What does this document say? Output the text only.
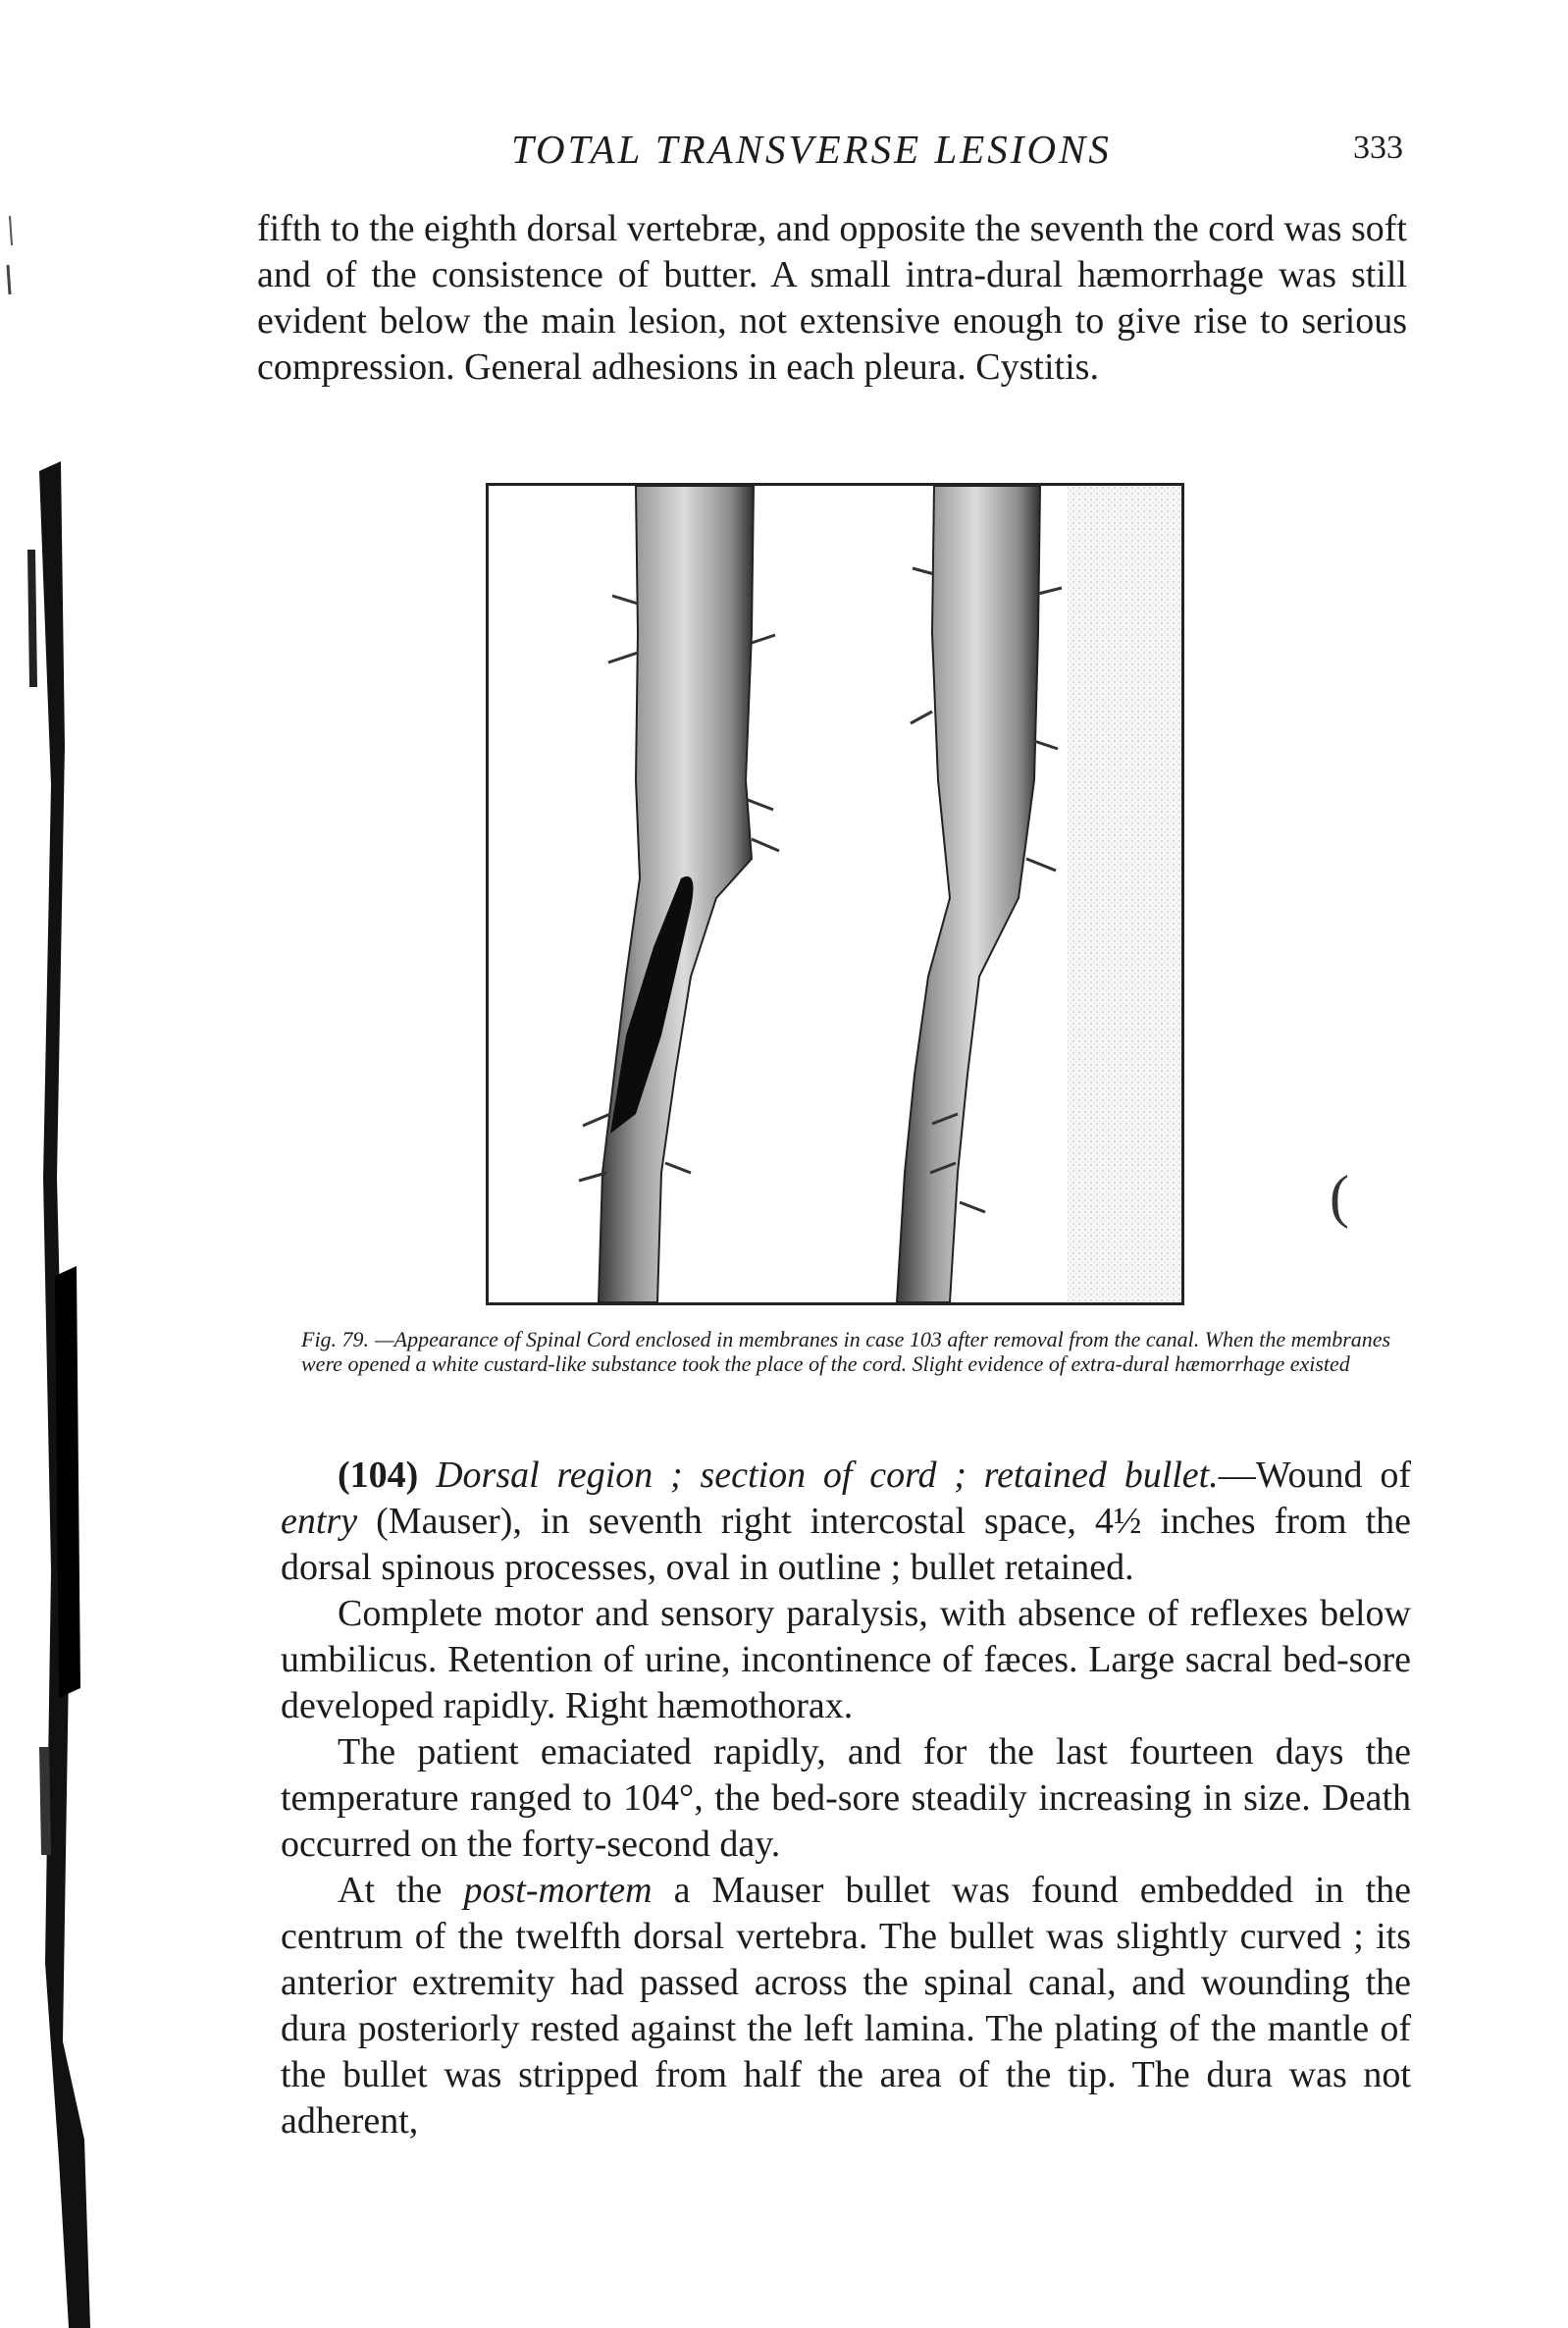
TOTAL TRANSVERSE LESIONS	333

fifth to the eighth dorsal vertebræ, and opposite the seventh the cord was soft and of the consistence of butter. A small intra-dural hæmorrhage was still evident below the main lesion, not extensive enough to give rise to serious compression. General adhesions in each pleura. Cystitis.

Fig. 79. —Appearance of Spinal Cord enclosed in membranes in case 103 after removal from the canal. When the membranes were opened a white custard-like substance took the place of the cord. Slight evidence of extra-dural hæmorrhage existed

(104) Dorsal region ; section of cord ; retained bullet.—Wound of entry (Mauser), in seventh right intercostal space, 4½ inches from the dorsal spinous processes, oval in outline ; bullet retained.

Complete motor and sensory paralysis, with absence of reflexes below umbilicus. Retention of urine, incontinence of fæces. Large sacral bed-sore developed rapidly. Right hæmothorax.

The patient emaciated rapidly, and for the last fourteen days the temperature ranged to 104°, the bed-sore steadily increasing in size. Death occurred on the forty-second day.

At the post-mortem a Mauser bullet was found embedded in the centrum of the twelfth dorsal vertebra. The bullet was slightly curved ; its anterior extremity had passed across the spinal canal, and wounding the dura posteriorly rested against the left lamina. The plating of the mantle of the bullet was stripped from half the area of the tip. The dura was not adherent,

(
